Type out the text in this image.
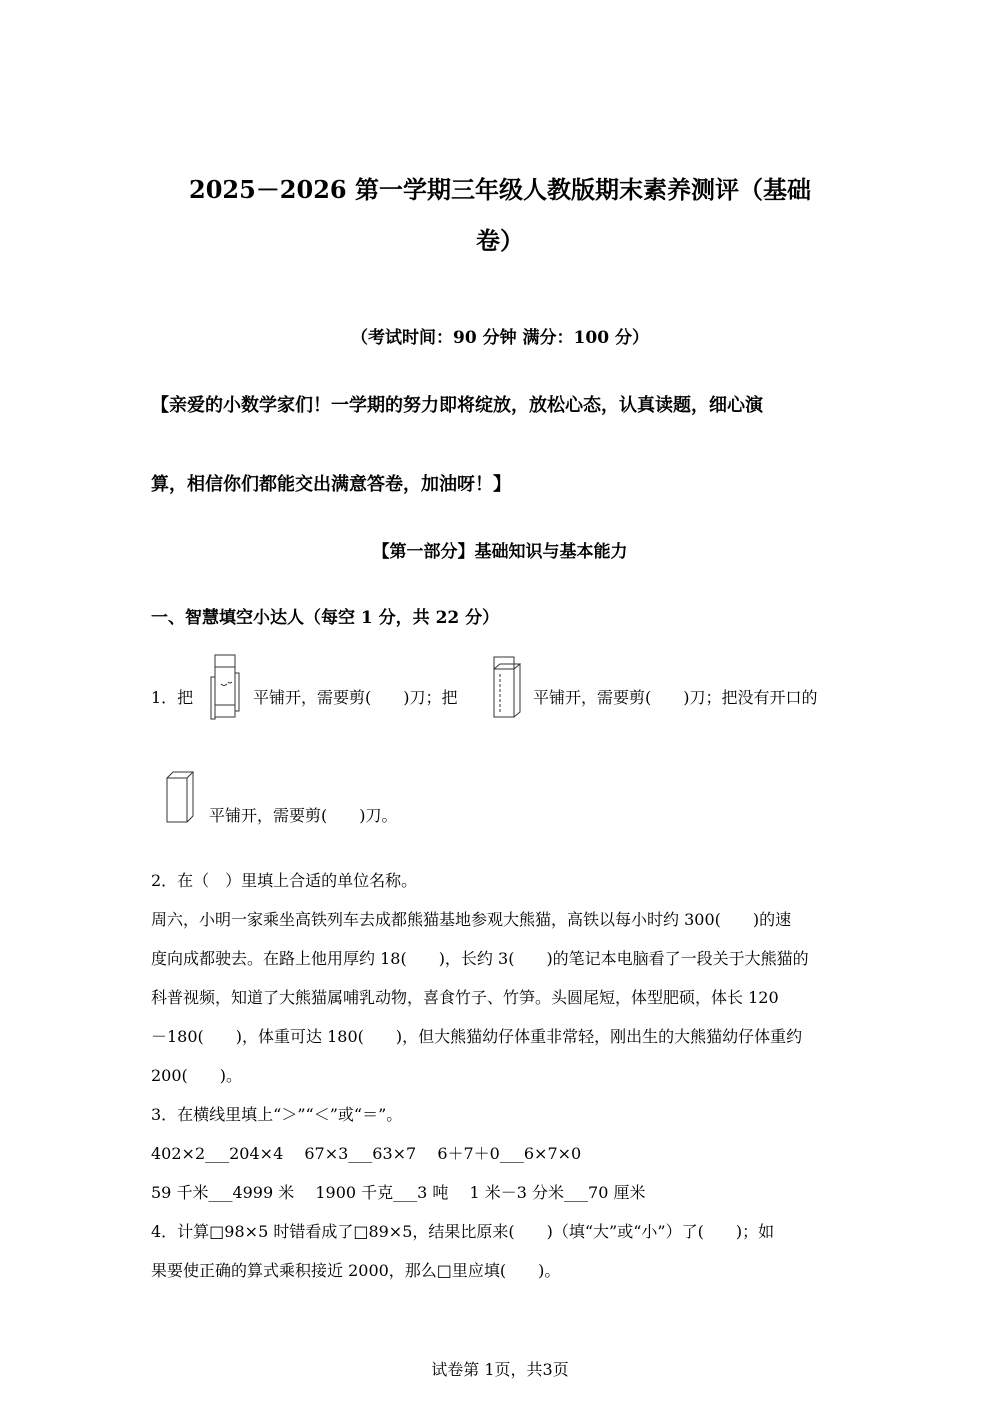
2025－2026 第一学期三年级人教版期末素养测评（基础
卷）
（考试时间：90 分钟 满分：100 分）
【亲爱的小数学家们！一学期的努力即将绽放，放松心态，认真读题，细心演
算，相信你们都能交出满意答卷，加油呀！】
【第一部分】基础知识与基本能力
一、智慧填空小达人（每空 1 分，共 22 分）
1．把	平铺开，需要剪(　　)刀；把	平铺开，需要剪(　　)刀；把没有开口的
平铺开，需要剪(　　)刀。
2．在（　）里填上合适的单位名称。
周六，小明一家乘坐高铁列车去成都熊猫基地参观大熊猫，高铁以每小时约 300(　　)的速
度向成都驶去。在路上他用厚约 18(　　)，长约 3(　　)的笔记本电脑看了一段关于大熊猫的
科普视频，知道了大熊猫属哺乳动物，喜食竹子、竹笋。头圆尾短，体型肥硕，体长 120
－180(　　)，体重可达 180(　　)，但大熊猫幼仔体重非常轻，刚出生的大熊猫幼仔体重约
200(　　)。
3．在横线里填上“＞”“＜”或“＝”。
402×2___204×4　 67×3___63×7　 6＋7＋0___6×7×0
59 千米___4999 米　 1900 千克___3 吨　 1 米－3 分米___70 厘米
4．计算□98×5 时错看成了□89×5，结果比原来(　　)（填“大”或“小”）了(　　)；如
果要使正确的算式乘积接近 2000，那么□里应填(　　)。
试卷第 1页，共3页
